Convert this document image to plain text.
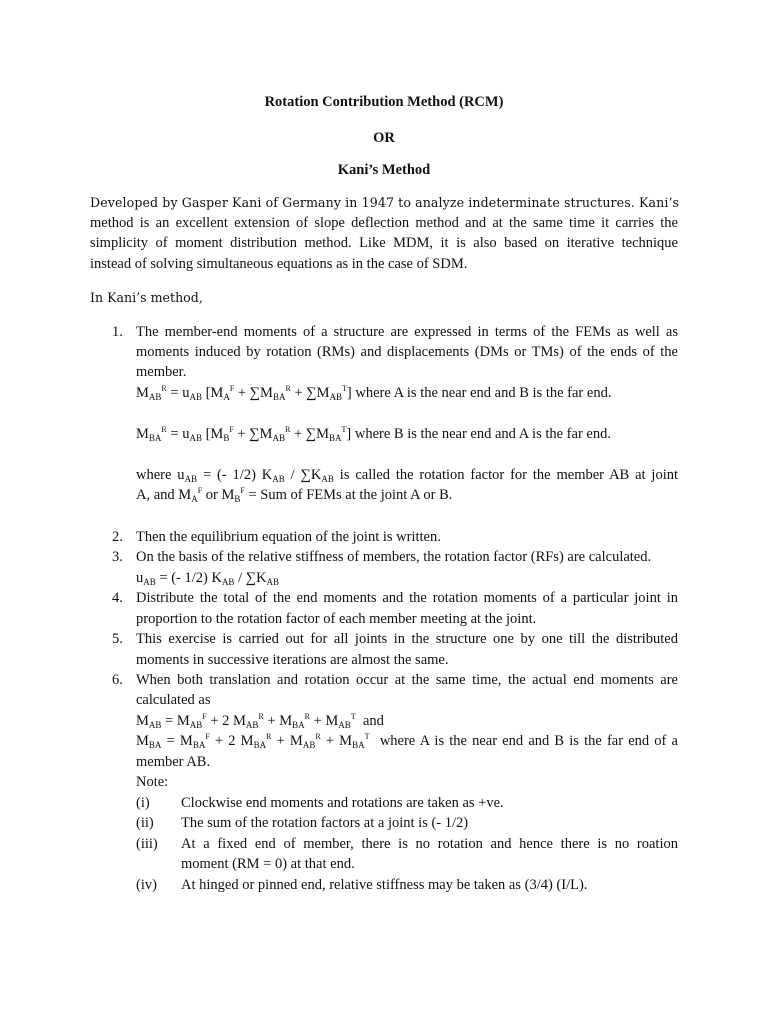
Rotation Contribution Method (RCM)
OR
Kani’s Method
Developed by Gasper Kani of Germany in 1947 to analyze indeterminate structures. Kani’s
method is an excellent extension of slope deflection method and at the same time it carries the
simplicity of moment distribution method. Like MDM, it is also based on iterative technique
instead of solving simultaneous equations as in the case of SDM.
In Kani’s method,
1. The member-end moments of a structure are expressed in terms of the FEMs as well as
moments induced by rotation (RMs) and displacements (DMs or TMs) of the ends of the
member.
$M_{AB}^R = u_{AB}$ $[M_A^F + \sum M_{BA}^R + \sum M_{AB}^T]$ where A is the near end and B is the far end.
$M_{BA}^R = u_{AB}$ $[M_B^F + \sum M_{AB}^R + \sum M_{BA}^T]$ where B is the near end and A is the far end.
where $u_{AB}$ = (- 1/2) $K_{AB} / \sum K_{AB}$ is called the rotation factor for the member AB at joint
A, and $M_A^F$ or $M_B^F$ = Sum of FEMs at the joint A or B.
2. Then the equilibrium equation of the joint is written.
3. On the basis of the relative stiffness of members, the rotation factor (RFs) are calculated.
$u_{AB}$ = (- 1/2) $K_{AB} / \sum K_{AB}$
4. Distribute the total of the end moments and the rotation moments of a particular joint in
proportion to the rotation factor of each member meeting at the joint.
5. This exercise is carried out for all joints in the structure one by one till the distributed
moments in successive iterations are almost the same.
6. When both translation and rotation occur at the same time, the actual end moments are
calculated as
$M_{AB} = M_{AB}^F + 2$ $M_{AB}^R + M_{BA}^R + M_{AB}^T$ and
$M_{BA} = M_{BA}^F + 2$ $M_{BA}^R + M_{AB}^R + M_{BA}^T$ where A is the near end and B is the far end of a
member AB.
Note:
(i) Clockwise end moments and rotations are taken as +ve.
(ii) The sum of the rotation factors at a joint is (- 1/2)
(iii) At a fixed end of member, there is no rotation and hence there is no roation
moment (RM = 0) at that end.
(iv) At hinged or pinned end, relative stiffness may be taken as (3/4) (I/L).
